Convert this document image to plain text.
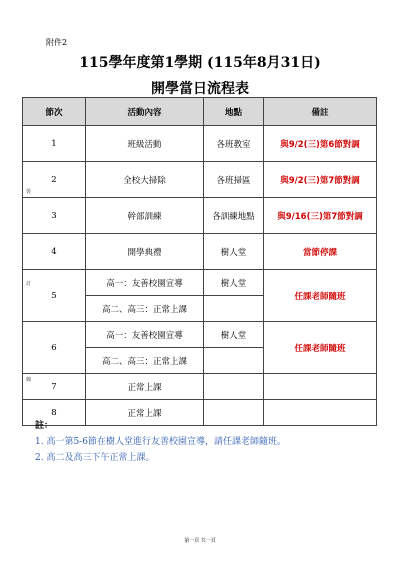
附件2
115學年度第1學期 (115年8月31日)
開學當日流程表
裝
訂
線
節次	活動內容	地點	備註
1	班級活動	各班教室	與9/2(三)第6節對調
2	全校大掃除	各班掃區	與9/2(三)第7節對調
3	幹部訓練	各訓練地點	與9/16(三)第7節對調
4	開學典禮	樹人堂	當節停課
5	高一：友善校園宣導	樹人堂	任課老師隨班
	高二、高三：正常上課		
6	高一：友善校園宣導	樹人堂	任課老師隨班
	高二、高三：正常上課		
7	正常上課		
8	正常上課		
註：
1. 高一第5-6節在樹人堂進行友善校園宣導，請任課老師隨班。
2. 高二及高三下午正常上課。
第一頁 共一頁
